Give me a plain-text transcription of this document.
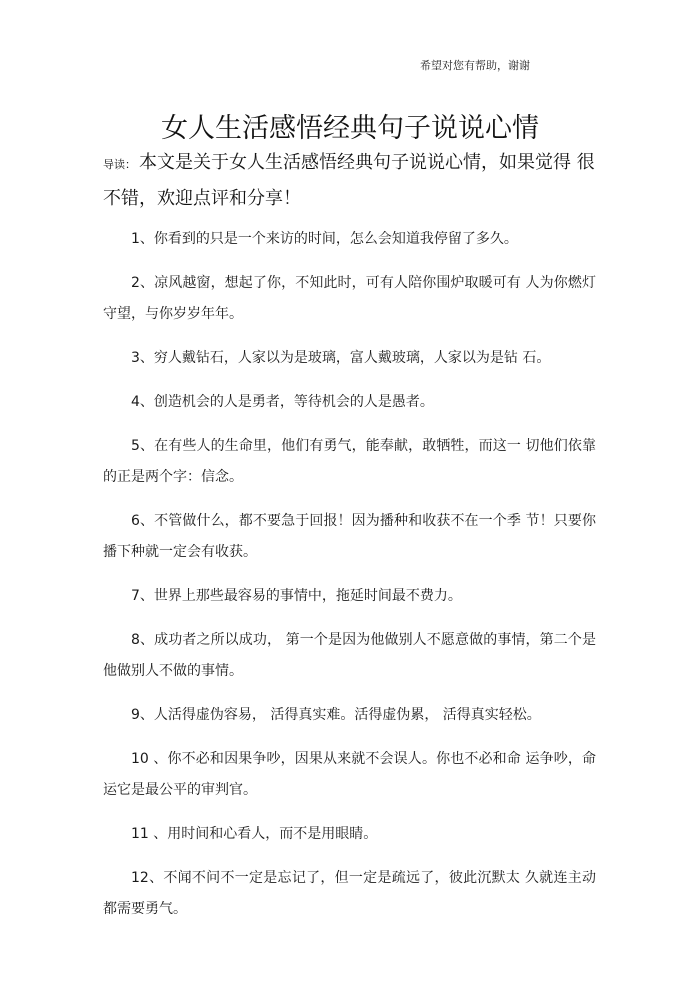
希望对您有帮助，谢谢
女人生活感悟经典句子说说心情
导读： 本文是关于女人生活感悟经典句子说说心情，如果觉得 很不错，欢迎点评和分享！
1、你看到的只是一个来访的时间，怎么会知道我停留了多久。
2、凉风越窗，想起了你，不知此时，可有人陪你围炉取暖可有 人为你燃灯守望，与你岁岁年年。
3、穷人戴钻石，人家以为是玻璃，富人戴玻璃，人家以为是钻 石。
4、创造机会的人是勇者，等待机会的人是愚者。
5、在有些人的生命里，他们有勇气，能奉献，敢牺牲，而这一 切他们依靠的正是两个字：信念。
6、不管做什么，都不要急于回报！因为播种和收获不在一个季 节！只要你播下种就一定会有收获。
7、世界上那些最容易的事情中，拖延时间最不费力。
8、成功者之所以成功， 第一个是因为他做别人不愿意做的事情，第二个是他做别人不做的事情。
9、人活得虚伪容易， 活得真实难。活得虚伪累， 活得真实轻松。
10 、你不必和因果争吵，因果从来就不会误人。你也不必和命 运争吵，命运它是最公平的审判官。
11 、用时间和心看人，而不是用眼睛。
12、不闻不问不一定是忘记了，但一定是疏远了，彼此沉默太 久就连主动都需要勇气。
